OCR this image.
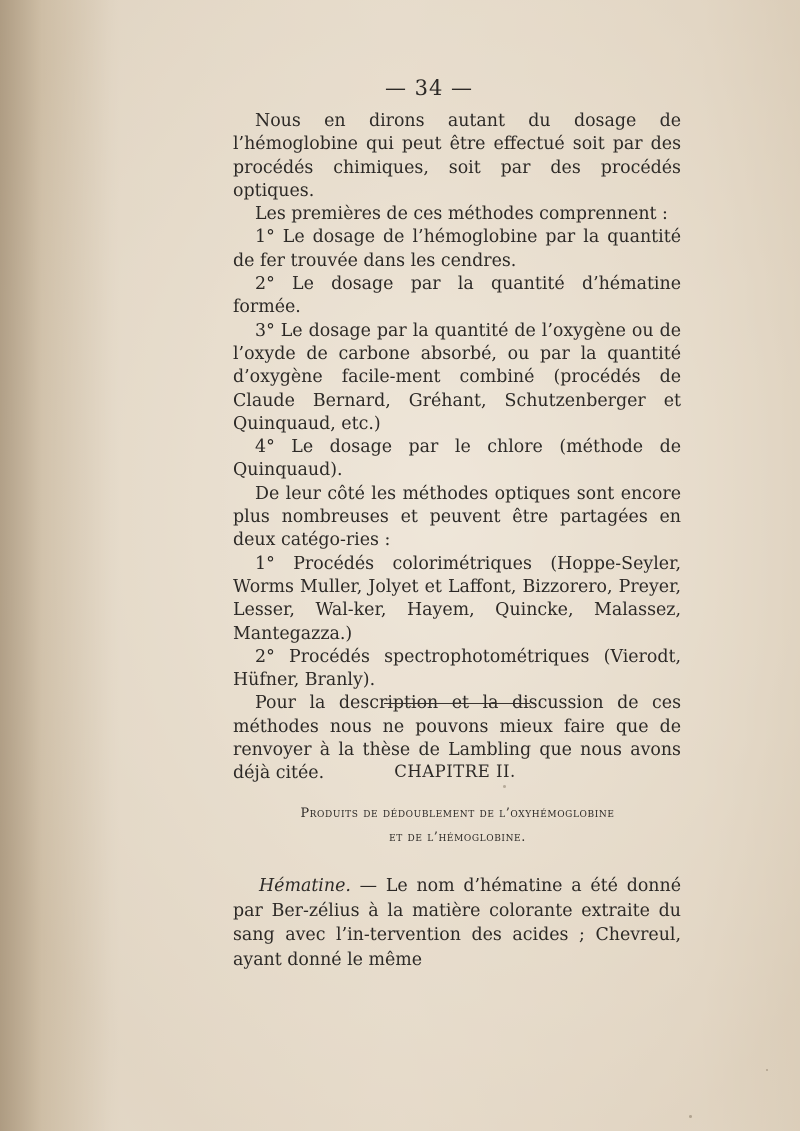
— 34 —

Nous en dirons autant du dosage de l’hémoglobine qui peut être effectué soit par des procédés chimiques, soit par des procédés optiques.

Les premières de ces méthodes comprennent :

1° Le dosage de l’hémoglobine par la quantité de fer trouvée dans les cendres.

2° Le dosage par la quantité d’hématine formée.

3° Le dosage par la quantité de l’oxygène ou de l’oxyde de carbone absorbé, ou par la quantité d’oxygène facile-ment combiné (procédés de Claude Bernard, Gréhant, Schutzenberger et Quinquaud, etc.)

4° Le dosage par le chlore (méthode de Quinquaud).

De leur côté les méthodes optiques sont encore plus nombreuses et peuvent être partagées en deux catégo-ries :

1° Procédés colorimétriques (Hoppe-Seyler, Worms Muller, Jolyet et Laffont, Bizzorero, Preyer, Lesser, Wal-ker, Hayem, Quincke, Malassez, Mantegazza.)

2° Procédés spectrophotométriques (Vierodt, Hüfner, Branly).

Pour la description et la discussion de ces méthodes nous ne pouvons mieux faire que de renvoyer à la thèse de Lambling que nous avons déjà citée.	CHAPITRE II.
Produits de dédoublement de l’oxyhémoglobine
et de l’hémoglobine.

Hématine. — Le nom d’hématine a été donné par Ber-zélius à la matière colorante extraite du sang avec l’in-tervention des acides ; Chevreul, ayant donné le même
